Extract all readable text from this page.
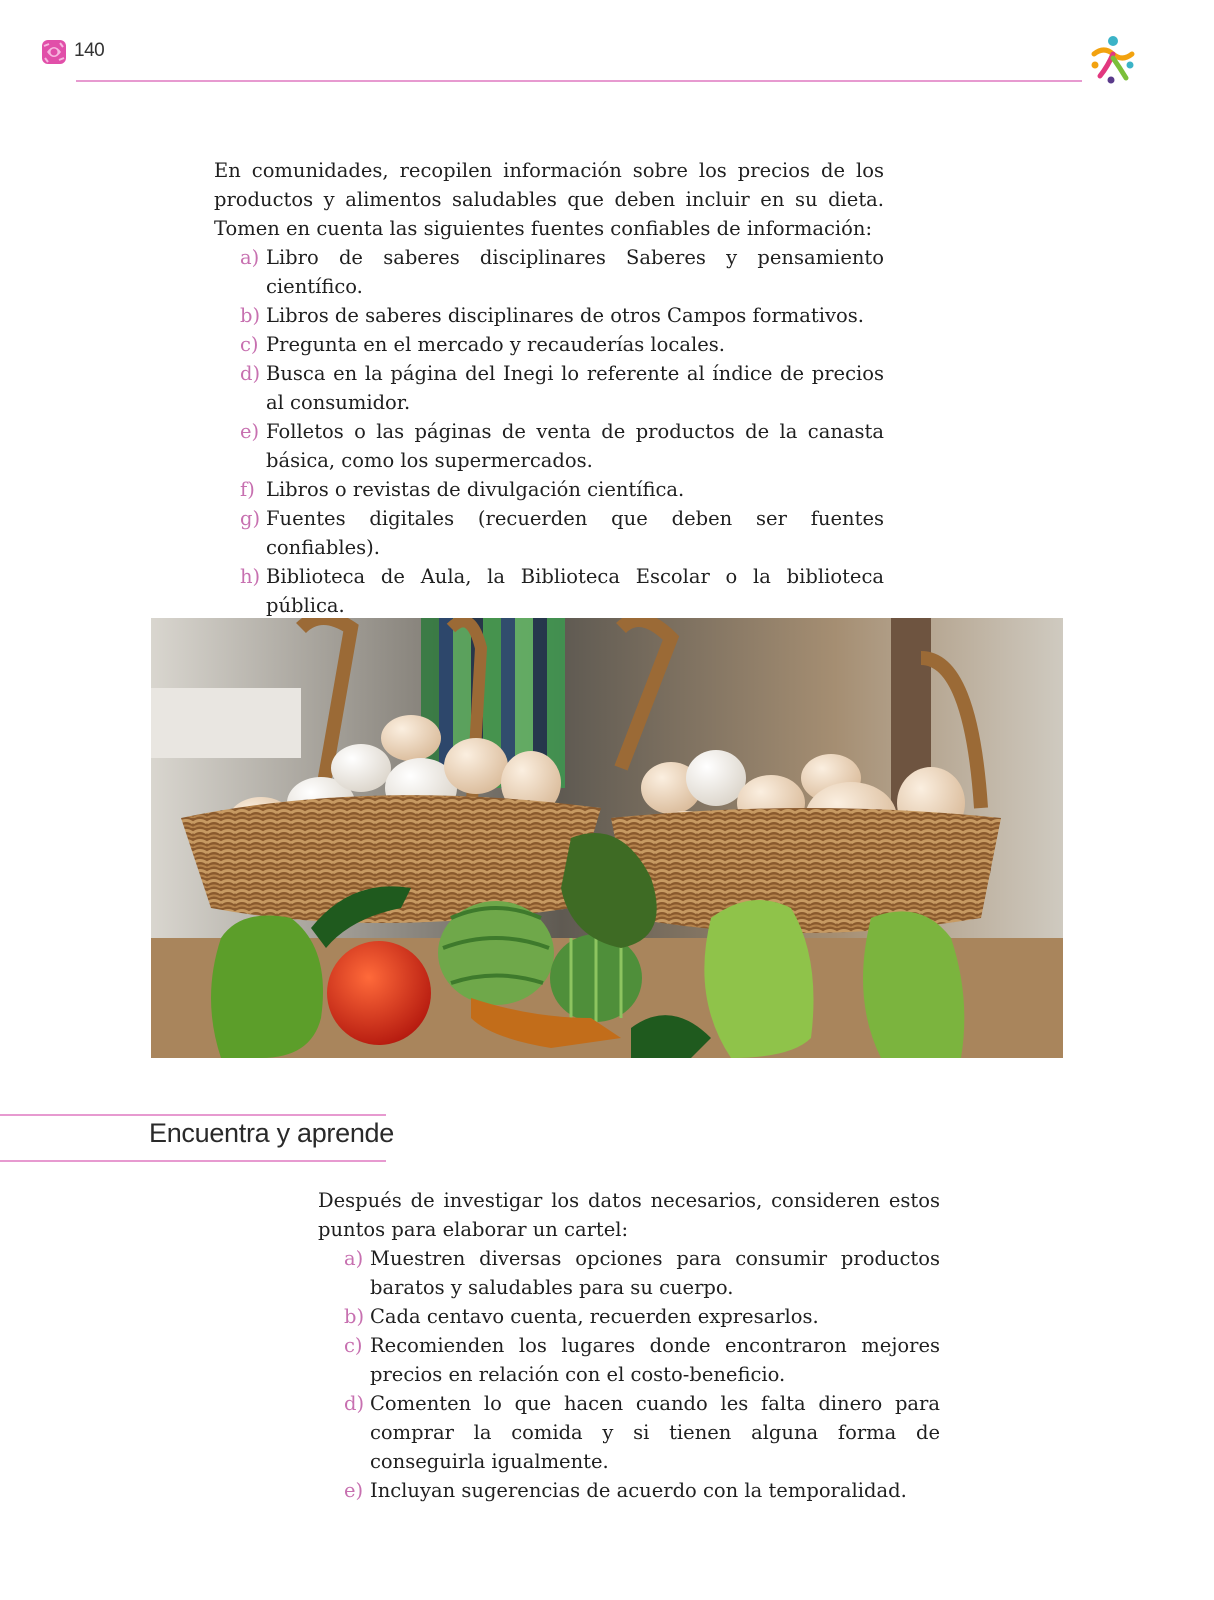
140

En comunidades, recopilen información sobre los precios de los productos y alimentos saludables que deben incluir en su dieta. Tomen en cuenta las siguientes fuentes confiables de información:

a) Libro de saberes disciplinares Saberes y pensamiento científico.
b) Libros de saberes disciplinares de otros Campos formativos.
c) Pregunta en el mercado y recauderías locales.
d) Busca en la página del Inegi lo referente al índice de precios al consumidor.
e) Folletos o las páginas de venta de productos de la canasta básica, como los supermercados.
f) Libros o revistas de divulgación científica.
g) Fuentes digitales (recuerden que deben ser fuentes confiables).
h) Biblioteca de Aula, la Biblioteca Escolar o la biblioteca pública.
Encuentra y aprende

Después de investigar los datos necesarios, consideren estos puntos para elaborar un cartel:

a) Muestren diversas opciones para consumir productos baratos y saludables para su cuerpo.
b) Cada centavo cuenta, recuerden expresarlos.
c) Recomienden los lugares donde encontraron mejores precios en relación con el costo-beneficio.
d) Comenten lo que hacen cuando les falta dinero para comprar la comida y si tienen alguna forma de conseguirla igualmente.
e) Incluyan sugerencias de acuerdo con la temporalidad.
